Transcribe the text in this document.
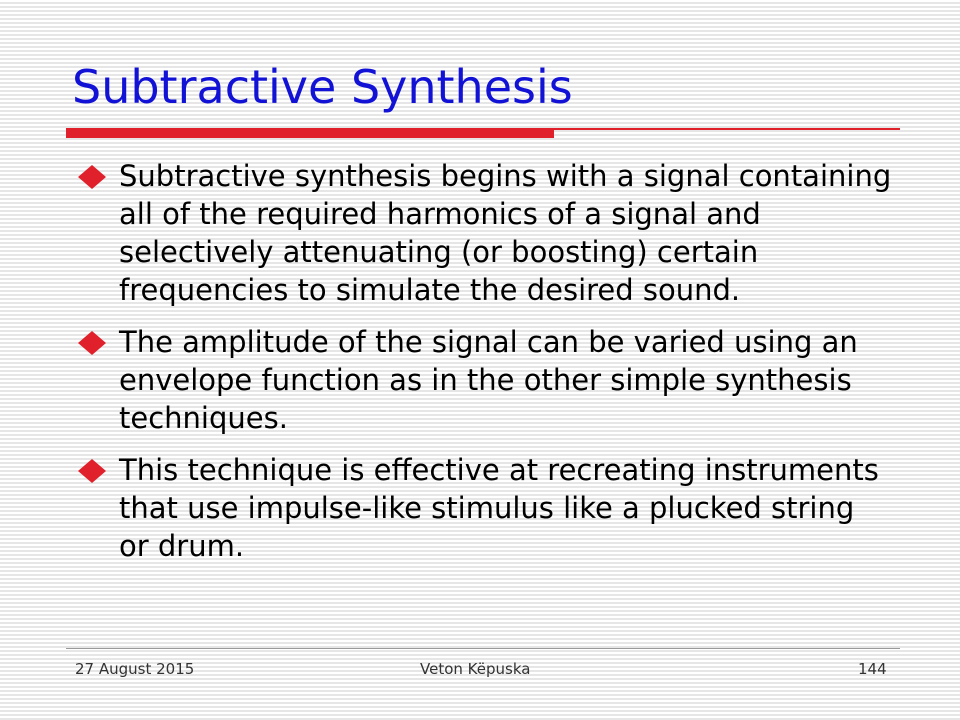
Subtractive Synthesis
Subtractive synthesis begins with a signal containing all of the required harmonics of a signal and selectively attenuating (or boosting) certain frequencies to simulate the desired sound.
The amplitude of the signal can be varied using an envelope function as in the other simple synthesis techniques.
This technique is effective at recreating instruments that use impulse-like stimulus like a plucked string or drum.
27 August 2015	Veton Këpuska	144
